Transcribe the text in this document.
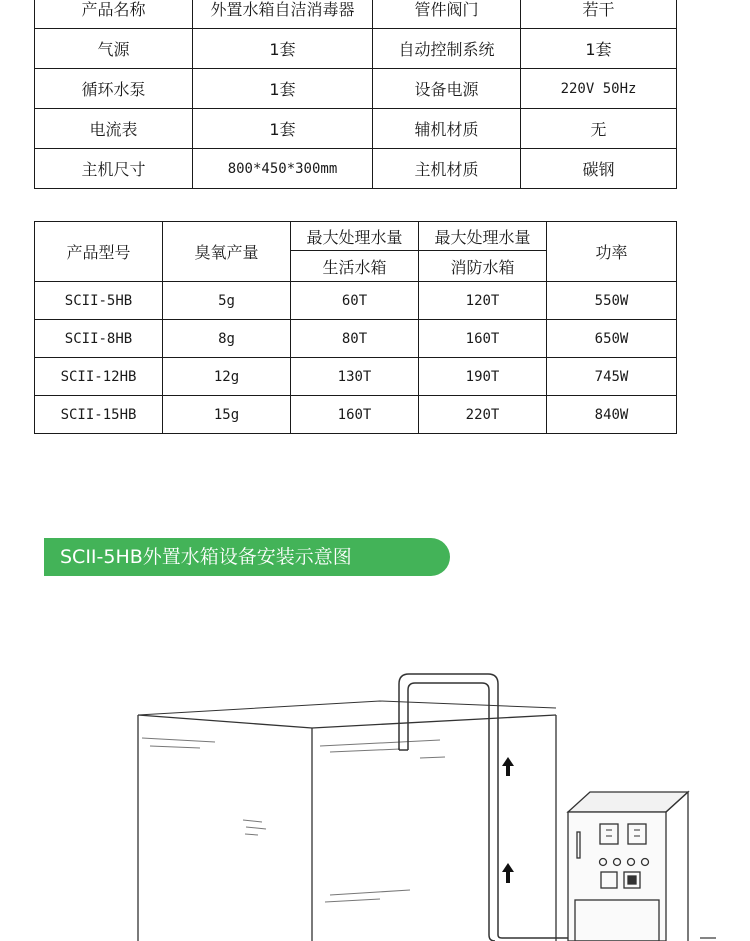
产品名称	外置水箱自洁消毒器	管件阀门	若干
气源	1套	自动控制系统	1套
循环水泵	1套	设备电源	220V 50Hz
电流表	1套	辅机材质	无
主机尺寸	800*450*300mm	主机材质	碳钢
产品型号	臭氧产量	最大处理水量	最大处理水量	功率
		生活水箱	消防水箱	
SCII-5HB	5g	60T	120T	550W
SCII-8HB	8g	80T	160T	650W
SCII-12HB	12g	130T	190T	745W
SCII-15HB	15g	160T	220T	840W
SCII-5HB外置水箱设备安装示意图
